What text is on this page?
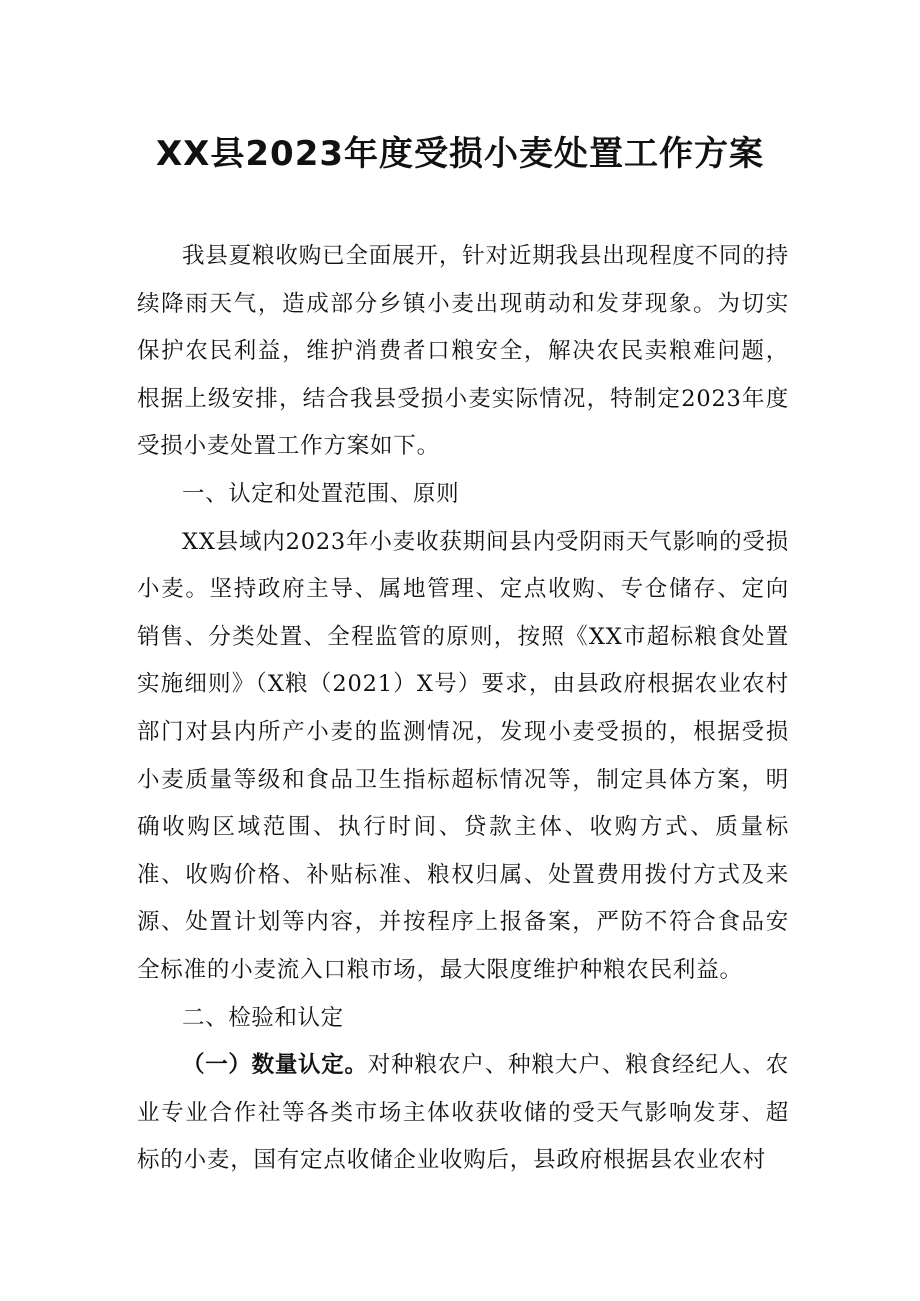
XX县2023年度受损小麦处置工作方案

我县夏粮收购已全面展开，针对近期我县出现程度不同的持续降雨天气，造成部分乡镇小麦出现萌动和发芽现象。为切实保护农民利益，维护消费者口粮安全，解决农民卖粮难问题，根据上级安排，结合我县受损小麦实际情况，特制定2023年度受损小麦处置工作方案如下。

一、认定和处置范围、原则

XX县域内2023年小麦收获期间县内受阴雨天气影响的受损小麦。坚持政府主导、属地管理、定点收购、专仓储存、定向销售、分类处置、全程监管的原则，按照《XX市超标粮食处置实施细则》（X粮（2021）X号）要求，由县政府根据农业农村部门对县内所产小麦的监测情况，发现小麦受损的，根据受损小麦质量等级和食品卫生指标超标情况等，制定具体方案，明确收购区域范围、执行时间、贷款主体、收购方式、质量标准、收购价格、补贴标准、粮权归属、处置费用拨付方式及来源、处置计划等内容，并按程序上报备案，严防不符合食品安全标准的小麦流入口粮市场，最大限度维护种粮农民利益。

二、检验和认定

（一）数量认定。对种粮农户、种粮大户、粮食经纪人、农业专业合作社等各类市场主体收获收储的受天气影响发芽、超标的小麦，国有定点收储企业收购后，县政府根据县农业农村
